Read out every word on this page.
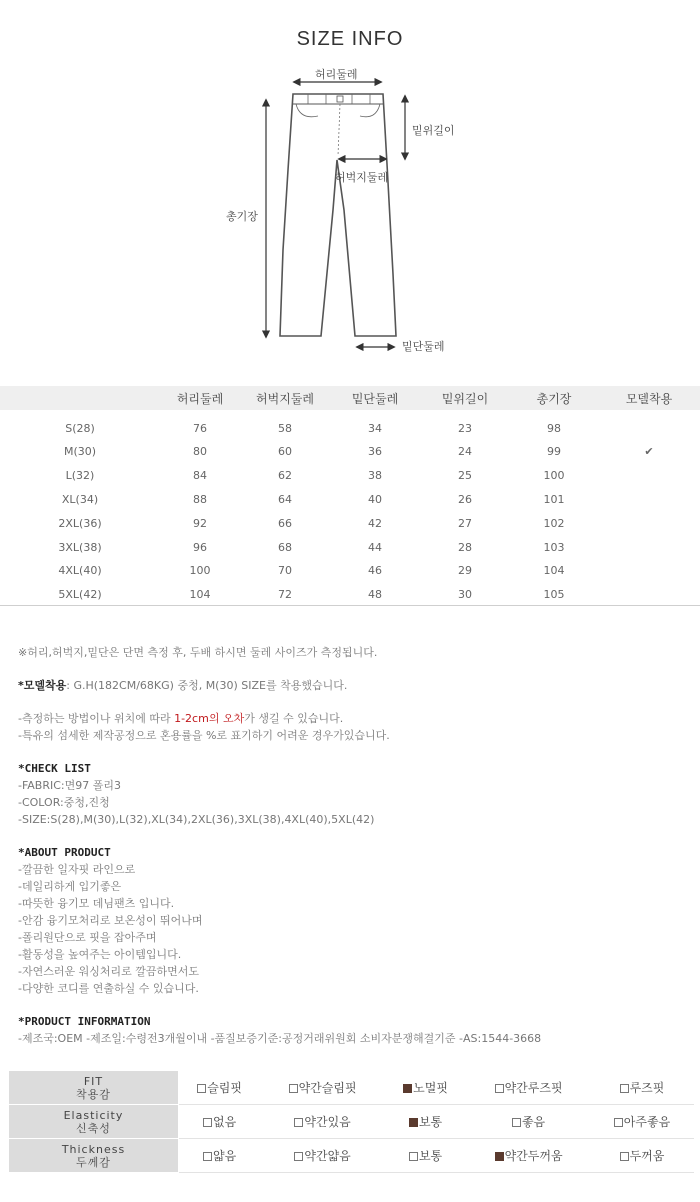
SIZE INFO
허리둘레
밑위길이
허벅지둘레
총기장
밑단둘레
	허리둘레	허벅지둘레	밑단둘레	밑위길이	총기장	모델착용
S(28)	76	58	34	23	98	
M(30)	80	60	36	24	99	✔
L(32)	84	62	38	25	100	
XL(34)	88	64	40	26	101	
2XL(36)	92	66	42	27	102	
3XL(38)	96	68	44	28	103	
4XL(40)	100	70	46	29	104	
5XL(42)	104	72	48	30	105	
※허리,허벅지,밑단은 단면 측정 후, 두배 하시면 둘레 사이즈가 측정됩니다.
*모델착용: G.H(182CM/68KG) 중청, M(30) SIZE를 착용했습니다.
-측정하는 방법이나 위치에 따라 1-2cm의 오차가 생길 수 있습니다.
-특유의 섬세한 제작공정으로 혼용률을 %로 표기하기 어려운 경우가있습니다.
*CHECK LIST
-FABRIC:면97 폴리3
-COLOR:중청,진청
-SIZE:S(28),M(30),L(32),XL(34),2XL(36),3XL(38),4XL(40),5XL(42)
*ABOUT PRODUCT
-깔끔한 일자핏 라인으로
-데일리하게 입기좋은
-따뜻한 융기모 데님팬츠 입니다.
-안감 융기모처리로 보온성이 뛰어나며
-폴리원단으로 핏을 잡아주며
-활동성을 높여주는 아이템입니다.
-자연스러운 워싱처리로 깔끔하면서도
-다양한 코디를 연출하실 수 있습니다.
*PRODUCT INFORMATION
-제조국:OEM -제조일:수령전3개월이내 -품질보증기준:공정거래위원회 소비자분쟁해결기준 -AS:1544-3668
FIT
착용감	슬림핏	약간슬림핏	노멀핏	약간루즈핏	루즈핏

Elasticity
신축성	없음	약간있음	보통	좋음	아주좋음

Thickness
두께감	얇음	약간얇음	보통	약간두꺼움	두꺼움
